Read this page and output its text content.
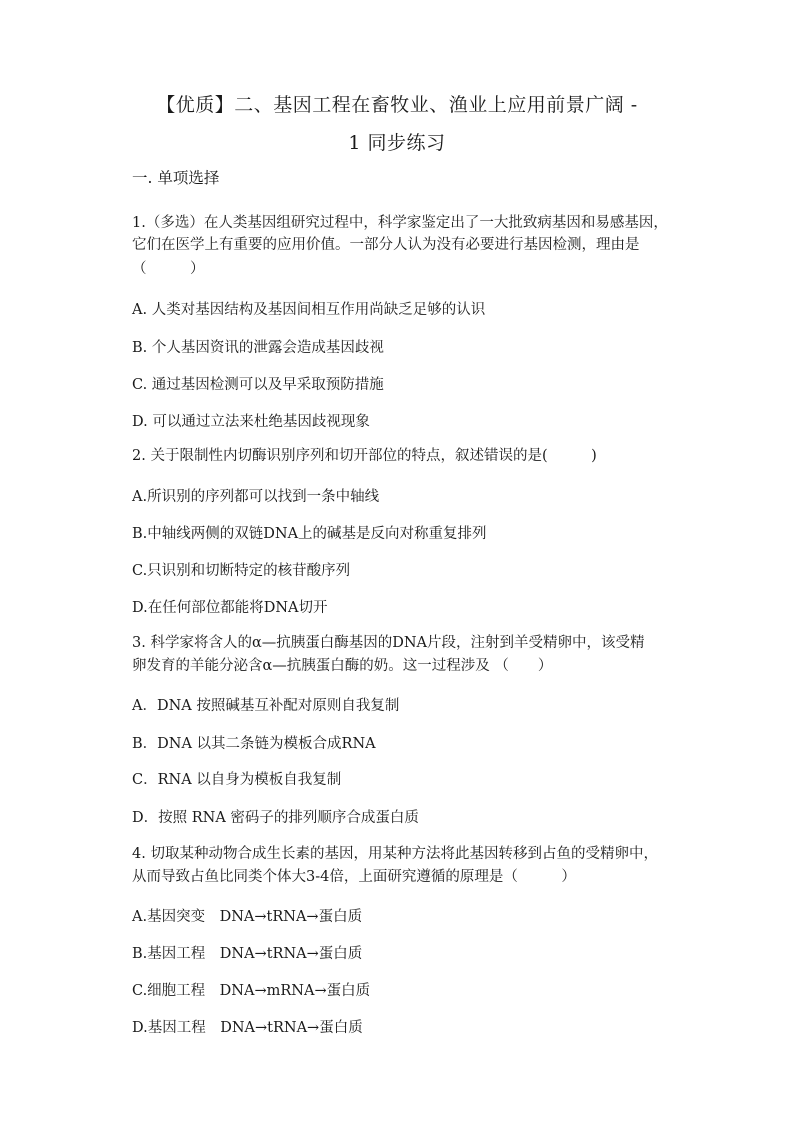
【优质】二、基因工程在畜牧业、渔业上应用前景广阔 -
1 同步练习
一. 单项选择
1.（多选）在人类基因组研究过程中，科学家鉴定出了一大批致病基因和易感基因，
它们在医学上有重要的应用价值。一部分人认为没有必要进行基因检测，理由是
（　　　）
A. 人类对基因结构及基因间相互作用尚缺乏足够的认识
B. 个人基因资讯的泄露会造成基因歧视
C. 通过基因检测可以及早采取预防措施
D. 可以通过立法来杜绝基因歧视现象
2. 关于限制性内切酶识别序列和切开部位的特点，叙述错误的是(　　　)
A.所识别的序列都可以找到一条中轴线
B.中轴线两侧的双链DNA上的碱基是反向对称重复排列
C.只识别和切断特定的核苷酸序列
D.在任何部位都能将DNA切开
3. 科学家将含人的α—抗胰蛋白酶基因的DNA片段，注射到羊受精卵中，该受精
卵发育的羊能分泌含α—抗胰蛋白酶的奶。这一过程涉及 （　　）
A．DNA 按照碱基互补配对原则自我复制
B．DNA 以其二条链为模板合成RNA
C．RNA 以自身为模板自我复制
D．按照 RNA 密码子的排列顺序合成蛋白质
4. 切取某种动物合成生长素的基因，用某种方法将此基因转移到占鱼的受精卵中，
从而导致占鱼比同类个体大3-4倍，上面研究遵循的原理是（　　　）
A.基因突变　DNA→tRNA→蛋白质
B.基因工程　DNA→tRNA→蛋白质
C.细胞工程　DNA→mRNA→蛋白质
D.基因工程　DNA→tRNA→蛋白质
